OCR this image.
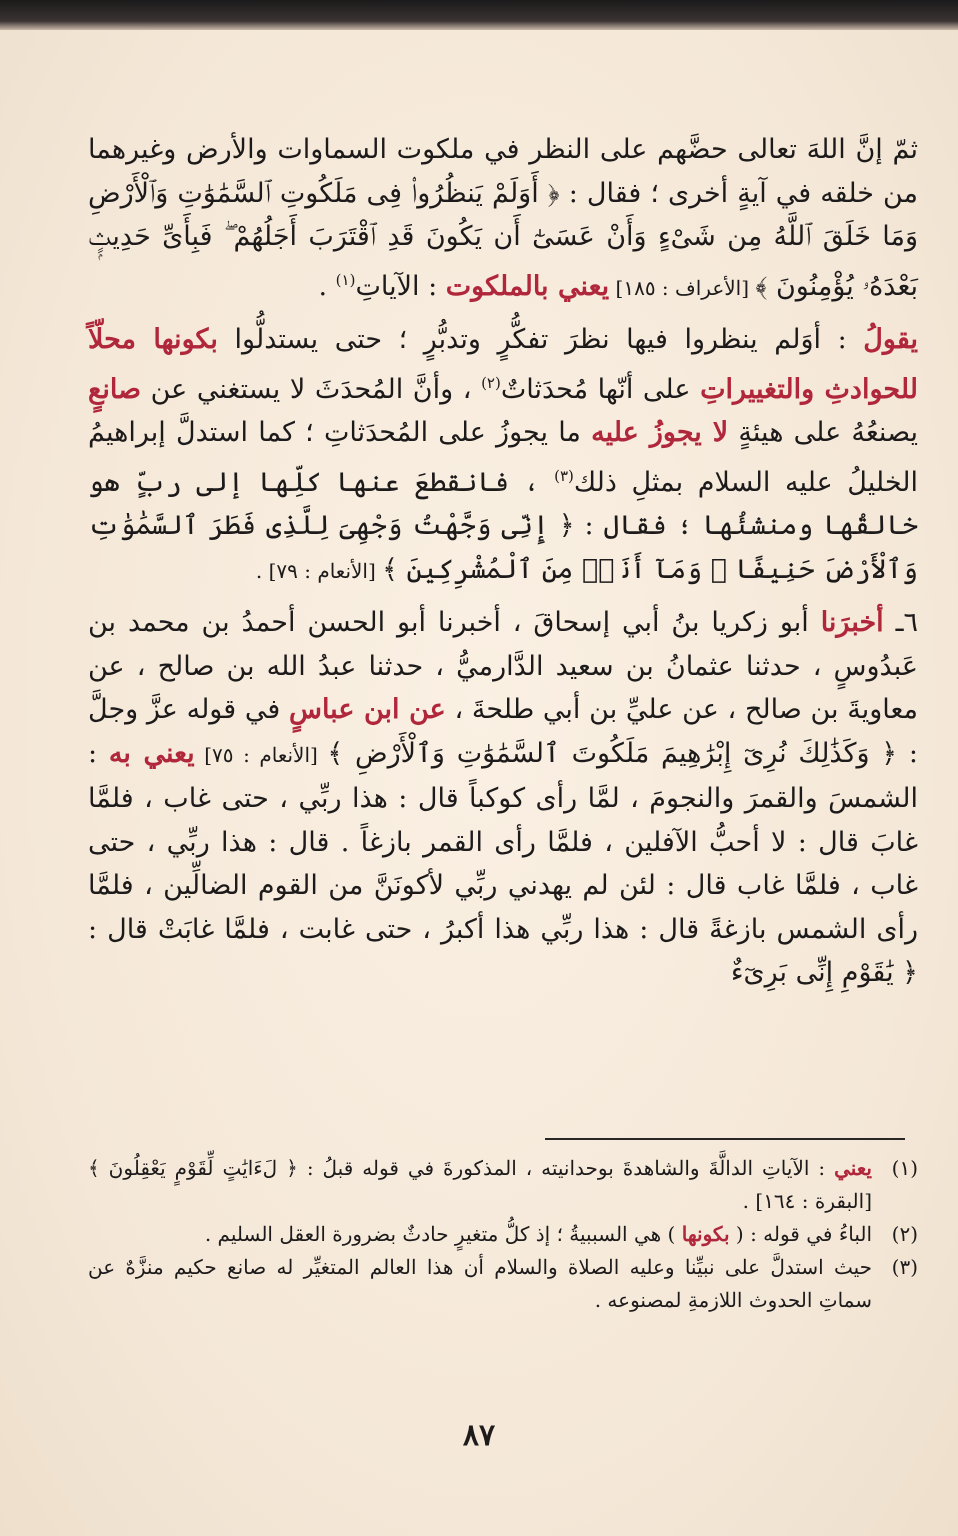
ثمّ إنَّ اللهَ تعالى حضَّهم على النظر في ملكوت السماوات والأرض وغيرهما من خلقه في آيةٍ أخرى ؛ فقال : ﴿ أَوَلَمْ يَنظُرُوا۟ فِى مَلَكُوتِ ٱلسَّمَٰوَٰتِ وَٱلْأَرْضِ وَمَا خَلَقَ ٱللَّهُ مِن شَىْءٍ وَأَنْ عَسَىٰٓ أَن يَكُونَ قَدِ ٱقْتَرَبَ أَجَلُهُمْ ۖ فَبِأَىِّ حَدِيثٍۭ بَعْدَهُۥ يُؤْمِنُونَ ﴾ [الأعراف : ١٨٥] يعني بالملكوت : الآياتِ$^{(١)}$ .

يقولُ : أوَلم ينظروا فيها نظرَ تفكُّرٍ وتدبُّرٍ ؛ حتى يستدلُّوا بكونها محلّاً للحوادثِ والتغييراتِ على أنّها مُحدَثاتٌ$^{(٢)}$ ، وأنَّ المُحدَثَ لا يستغني عن صانعٍ يصنعُهُ على هيئةٍ لا يجوزُ عليه ما يجوزُ على المُحدَثاتِ ؛ كما استدلَّ إبراهيمُ الخليلُ عليه السلام بمثلِ ذلك$^{(٣)}$ ، فانقطعَ عنها كلِّها إلى ربٍّ هو خالقُها ومنشئُها ؛ فقال : ﴿ إِنِّى وَجَّهْتُ وَجْهِىَ لِلَّذِى فَطَرَ ٱلسَّمَٰوَٰتِ وَٱلْأَرْضَ حَنِيفًا ۖ وَمَآ أَنَا۠ مِنَ ٱلْمُشْرِكِينَ ﴾ [الأنعام : ٧٩] .

٦ـ أخبرَنا أبو زكريا بنُ أبي إسحاقَ ، أخبرنا أبو الحسن أحمدُ بن محمد بن عَبدُوسٍ ، حدثنا عثمانُ بن سعيد الدَّارميُّ ، حدثنا عبدُ الله بن صالح ، عن معاويةَ بن صالح ، عن عليِّ بن أبي طلحةَ ، عن ابن عباسٍ في قوله عزَّ وجلَّ : ﴿ وَكَذَٰلِكَ نُرِىٓ إِبْرَٰهِيمَ مَلَكُوتَ ٱلسَّمَٰوَٰتِ وَٱلْأَرْضِ ﴾ [الأنعام : ٧٥] يعني به : الشمسَ والقمرَ والنجومَ ، لمَّا رأى كوكباً قال : هذا ربِّي ، حتى غاب ، فلمَّا غابَ قال : لا أحبُّ الآفلين ، فلمَّا رأى القمر بازغاً . قال : هذا ربِّي ، حتى غاب ، فلمَّا غاب قال : لئن لم يهدني ربِّي لأكونَنَّ من القوم الضالِّين ، فلمَّا رأى الشمس بازغةً قال : هذا ربِّي هذا أكبرُ ، حتى غابت ، فلمَّا غابَتْ قال : ﴿ يَٰقَوْمِ إِنِّى بَرِىٓءٌ

(١)
يعني : الآياتِ الدالَّةَ والشاهدةَ بوحدانيته ، المذكورةَ في قوله قبلُ : ﴿ لَءَايَٰتٍ لِّقَوْمٍ يَعْقِلُونَ ﴾ [البقرة : ١٦٤] .
(٢)
الباءُ في قوله : ( بكونها ) هي السببيةُ ؛ إذ كلُّ متغيرٍ حادثٌ بضرورة العقل السليم .
(٣)
حيث استدلَّ على نبيِّنا وعليه الصلاة والسلام أن هذا العالم المتغيِّر له صانع حكيم منزَّهٌ عن سماتِ الحدوث اللازمةِ لمصنوعه .
٨٧
